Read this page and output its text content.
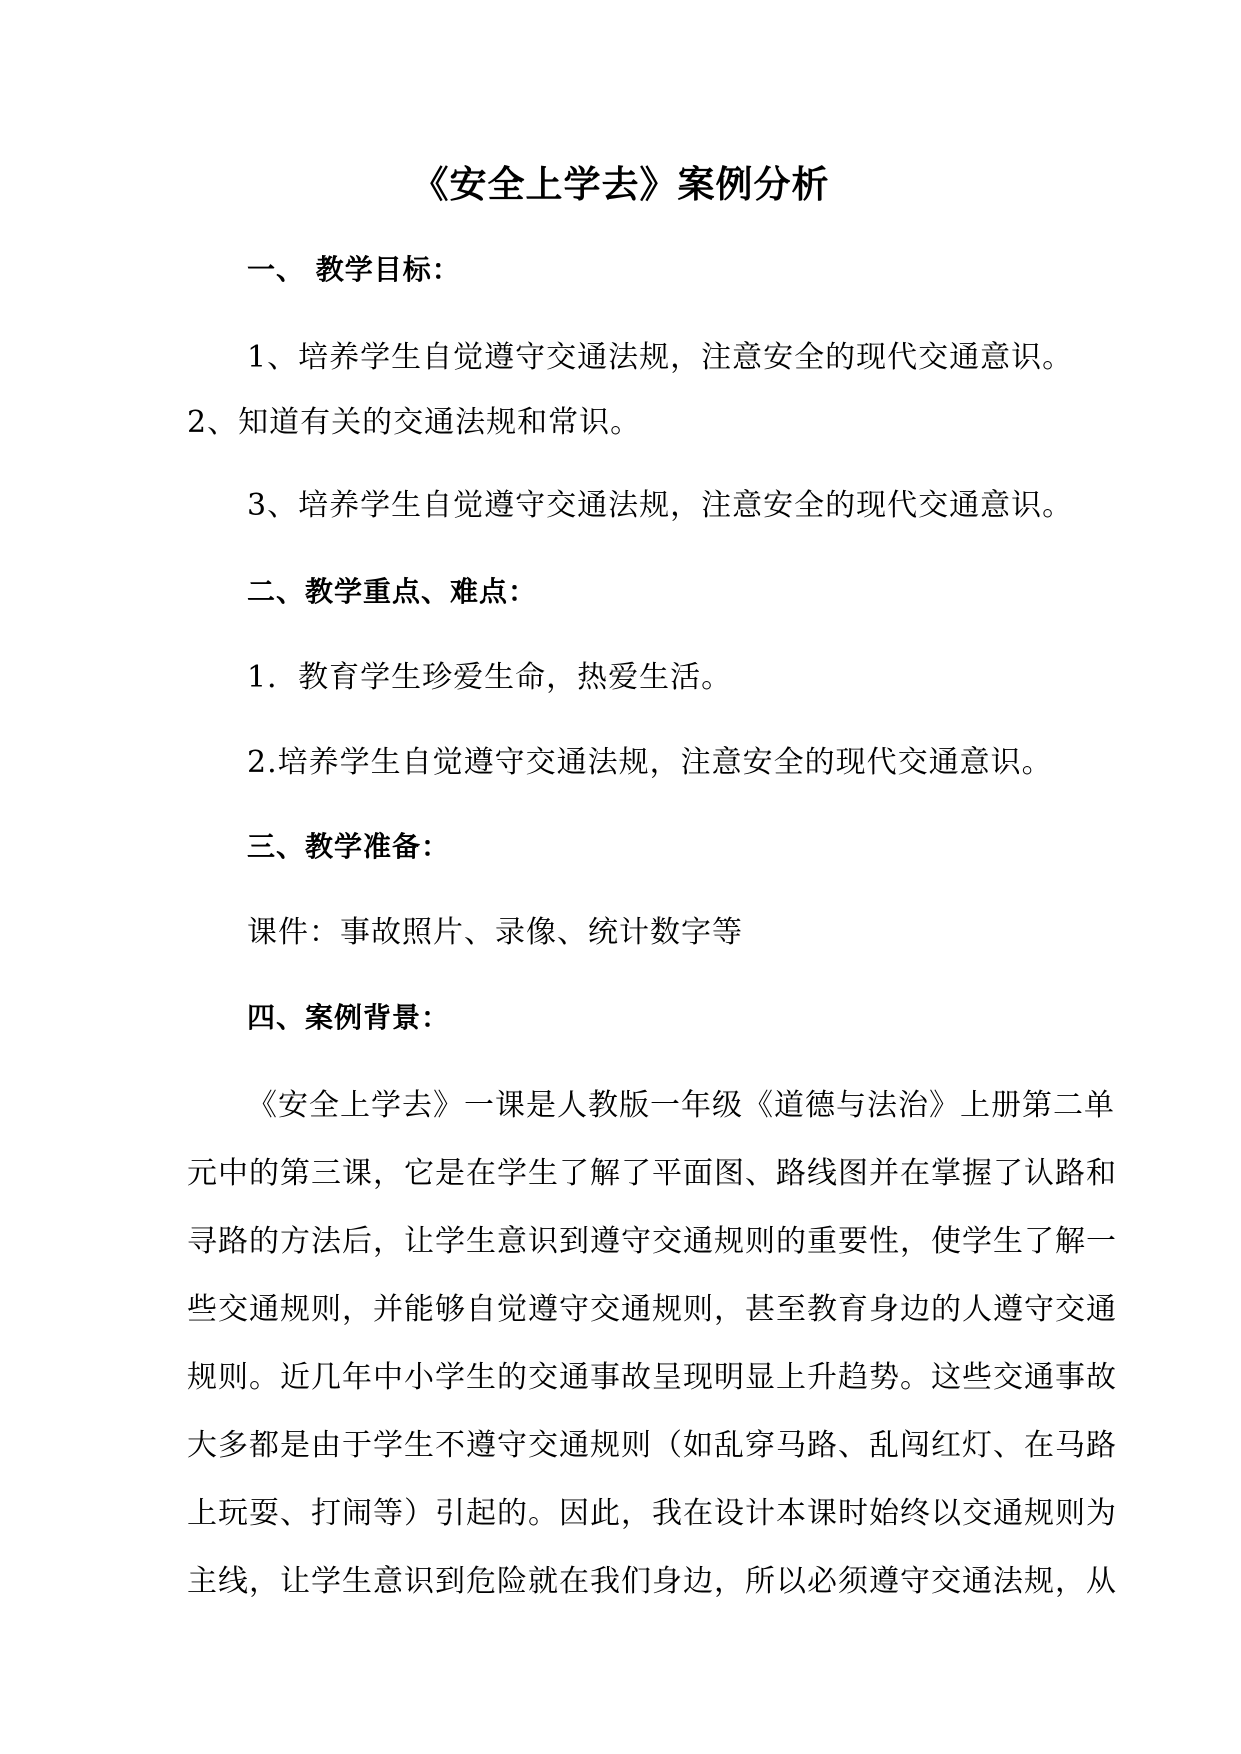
《安全上学去》案例分析
一、 教学目标：
1、培养学生自觉遵守交通法规，注意安全的现代交通意识。
2、知道有关的交通法规和常识。
3、培养学生自觉遵守交通法规，注意安全的现代交通意识。
二、教学重点、难点：
1．教育学生珍爱生命，热爱生活。
2.培养学生自觉遵守交通法规，注意安全的现代交通意识。
三、教学准备：
课件：事故照片、录像、统计数字等
四、案例背景：
《安全上学去》一课是人教版一年级《道德与法治》上册第二单
元中的第三课，它是在学生了解了平面图、路线图并在掌握了认路和
寻路的方法后，让学生意识到遵守交通规则的重要性，使学生了解一
些交通规则，并能够自觉遵守交通规则，甚至教育身边的人遵守交通
规则。近几年中小学生的交通事故呈现明显上升趋势。这些交通事故
大多都是由于学生不遵守交通规则（如乱穿马路、乱闯红灯、在马路
上玩耍、打闹等）引起的。因此，我在设计本课时始终以交通规则为
主线，让学生意识到危险就在我们身边，所以必须遵守交通法规，从
